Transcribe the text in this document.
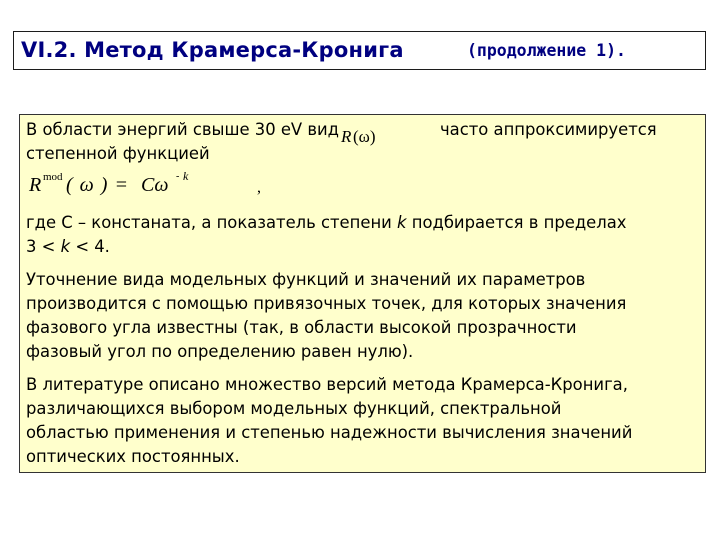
VI.2. Метод Крамерса-Кронига	(продолжение 1).

В области энергий свыше 30 eV вид	часто аппроксимируется

R (ω)

степенной функцией

R mod ( ω ) = Cω - k
,

где С – констаната, а показатель степени k подбирается в пределах

3 < k < 4.

Уточнение вида модельных функций и значений их параметров

производится с помощью привязочных точек, для которых значения

фазового угла известны (так, в области высокой прозрачности

фазовый угол по определению равен нулю).

В литературе описано множество версий метода Крамерса-Кронига,

различающихся выбором модельных функций, спектральной

областью применения и степенью надежности вычисления значений

оптических постоянных.
